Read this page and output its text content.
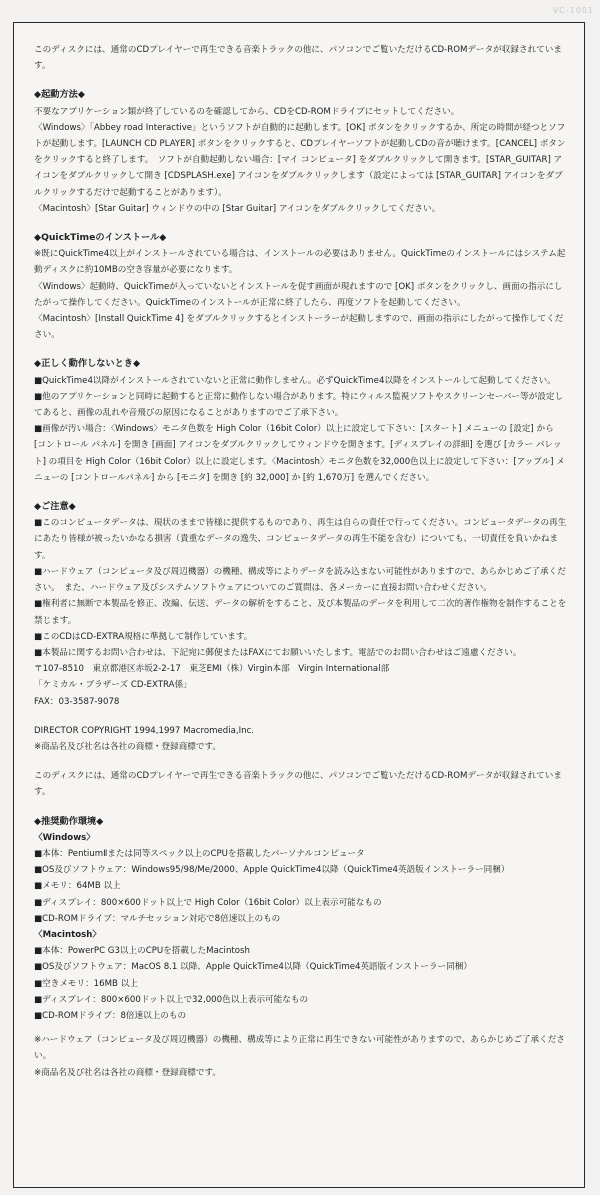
VC-1001

このディスクには、通常のCDプレイヤーで再生できる音楽トラックの他に、パソコンでご覧いただけるCD-ROMデータが収録されています。

◆起動方法◆

不要なアプリケーション類が終了しているのを確認してから、CDをCD-ROMドライブにセットしてください。

〈Windows〉「Abbey road Interactive」というソフトが自動的に起動します。[OK] ボタンをクリックするか、所定の時間が経つとソフトが起動します。[LAUNCH CD PLAYER] ボタンをクリックすると、CDプレイヤーソフトが起動しCDの音が聴けます。[CANCEL] ボタンをクリックすると終了します。　ソフトが自動起動しない場合：[マイ コンピュータ] をダブルクリックして開きます。[STAR_GUITAR] アイコンをダブルクリックして開き [CDSPLASH.exe] アイコンをダブルクリックします（設定によっては [STAR_GUITAR] アイコンをダブルクリックするだけで起動することがあります）。

〈Macintosh〉[Star Guitar] ウィンドウの中の [Star Guitar] アイコンをダブルクリックしてください。

◆QuickTimeのインストール◆

※既にQuickTime4以上がインストールされている場合は、インストールの必要はありません。QuickTimeのインストールにはシステム起動ディスクに約10MBの空き容量が必要になります。

〈Windows〉起動時、QuickTimeが入っていないとインストールを促す画面が現れますので [OK] ボタンをクリックし、画面の指示にしたがって操作してください。QuickTimeのインストールが正常に終了したら、再度ソフトを起動してください。

〈Macintosh〉[Install QuickTime 4] をダブルクリックするとインストーラーが起動しますので、画面の指示にしたがって操作してください。

◆正しく動作しないとき◆

■QuickTime4以降がインストールされていないと正常に動作しません。必ずQuickTime4以降をインストールして起動してください。

■他のアプリケーションと同時に起動すると正常に動作しない場合があります。特にウィルス監視ソフトやスクリーンセーバー等が設定してあると、画像の乱れや音飛びの原因になることがありますのでご了承下さい。

■画像が汚い場合：〈Windows〉モニタ色数を High Color（16bit Color）以上に設定して下さい：[スタート] メニューの [設定] から [コントロール パネル] を開き [画面] アイコンをダブルクリックしてウィンドウを開きます。[ディスプレイの詳細] を選び [カラー パレット] の項目を High Color（16bit Color）以上に設定します。〈Macintosh〉モニタ色数を32,000色以上に設定して下さい：[アップル] メニューの [コントロールパネル] から [モニタ] を開き [約 32,000] か [約 1,670万] を選んでください。

◆ご注意◆

■このコンピュータデータは、現状のままで皆様に提供するものであり、再生は自らの責任で行ってください。コンピュータデータの再生にあたり皆様が被ったいかなる損害（貴重なデータの逸失、コンピュータデータの再生不能を含む）についても、一切責任を負いかねます。

■ハードウェア（コンピュータ及び周辺機器）の機種、構成等によりデータを読み込まない可能性がありますので、あらかじめご了承ください。　また、ハードウェア及びシステムソフトウェアについてのご質問は、各メーカーに直接お問い合わせください。

■権利者に無断で本製品を修正、改編、伝送、データの解析をすること、及び本製品のデータを利用して二次的著作権物を制作することを禁じます。

■このCDはCD-EXTRA規格に準拠して制作しています。

■本製品に関するお問い合わせは、下記宛に郵便またはFAXにてお願いいたします。電話でのお問い合わせはご遠慮ください。

〒107-8510　東京都港区赤坂2-2-17　東芝EMI（株）Virgin本部　Virgin International部

「ケミカル・ブラザーズ CD-EXTRA係」

FAX：03-3587-9078

DIRECTOR COPYRIGHT 1994,1997 Macromedia,Inc.

※商品名及び社名は各社の商標・登録商標です。

このディスクには、通常のCDプレイヤーで再生できる音楽トラックの他に、パソコンでご覧いただけるCD-ROMデータが収録されています。

◆推奨動作環境◆

〈Windows〉

■本体：PentiumⅡまたは同等スペック以上のCPUを搭載したパーソナルコンピュータ

■OS及びソフトウェア：Windows95/98/Me/2000、Apple QuickTime4以降（QuickTime4英語版インストーラー同梱）

■メモリ：64MB 以上

■ディスプレイ：800×600ドット以上で High Color（16bit Color）以上表示可能なもの

■CD-ROMドライブ：マルチセッション対応で8倍速以上のもの

〈Macintosh〉

■本体：PowerPC G3以上のCPUを搭載したMacintosh

■OS及びソフトウェア：MacOS 8.1 以降、Apple QuickTime4以降（QuickTime4英語版インストーラー同梱）

■空きメモリ：16MB 以上

■ディスプレイ：800×600ドット以上で32,000色以上表示可能なもの

■CD-ROMドライブ：8倍速以上のもの

※ハードウェア（コンピュータ及び周辺機器）の機種、構成等により正常に再生できない可能性がありますので、あらかじめご了承ください。

※商品名及び社名は各社の商標・登録商標です。
